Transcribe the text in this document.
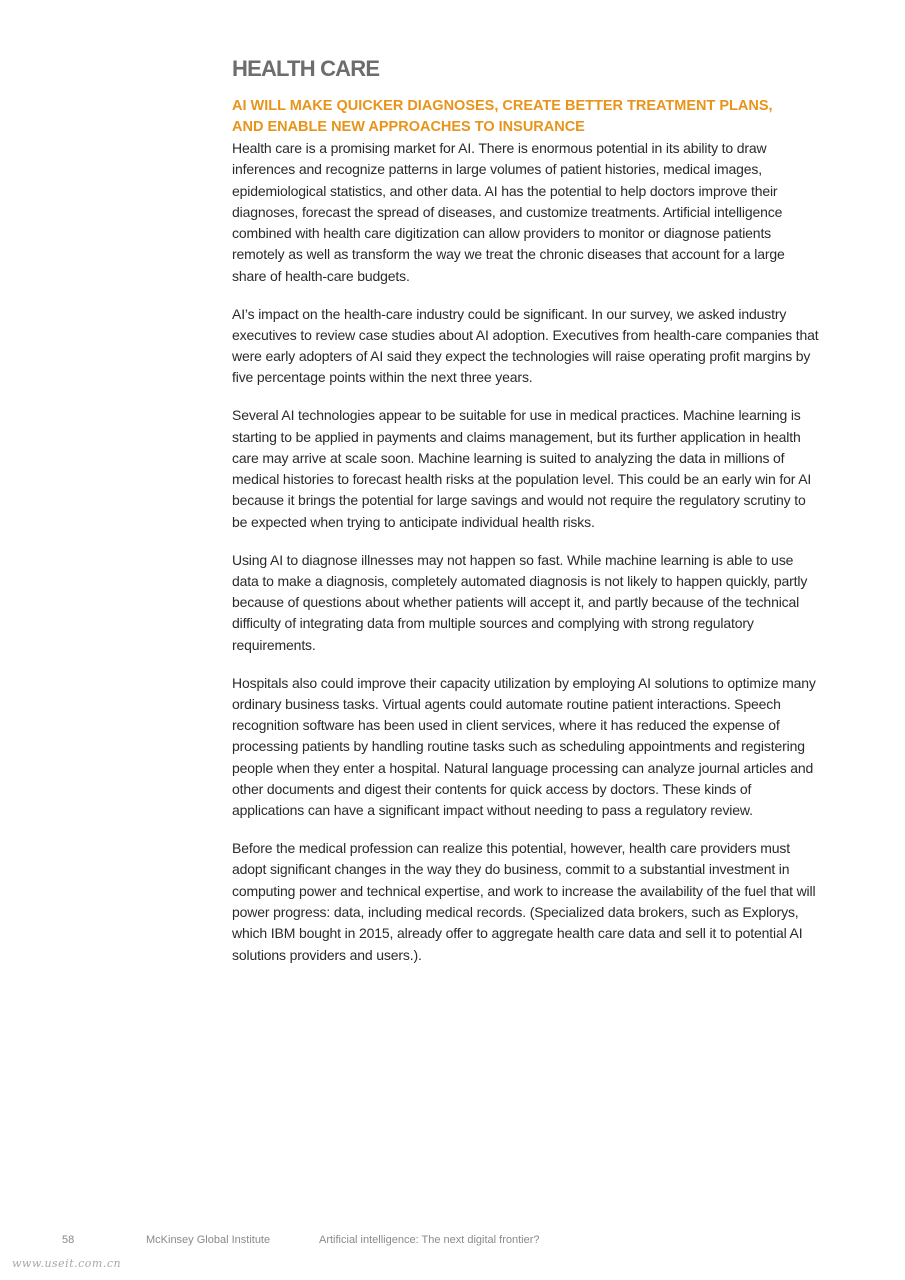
HEALTH CARE
AI WILL MAKE QUICKER DIAGNOSES, CREATE BETTER TREATMENT PLANS, AND ENABLE NEW APPROACHES TO INSURANCE

Health care is a promising market for AI. There is enormous potential in its ability to draw inferences and recognize patterns in large volumes of patient histories, medical images, epidemiological statistics, and other data. AI has the potential to help doctors improve their diagnoses, forecast the spread of diseases, and customize treatments. Artificial intelligence combined with health care digitization can allow providers to monitor or diagnose patients remotely as well as transform the way we treat the chronic diseases that account for a large share of health-care budgets.

AI’s impact on the health-care industry could be significant. In our survey, we asked industry executives to review case studies about AI adoption. Executives from health-care companies that were early adopters of AI said they expect the technologies will raise operating profit margins by five percentage points within the next three years.

Several AI technologies appear to be suitable for use in medical practices. Machine learning is starting to be applied in payments and claims management, but its further application in health care may arrive at scale soon. Machine learning is suited to analyzing the data in millions of medical histories to forecast health risks at the population level. This could be an early win for AI because it brings the potential for large savings and would not require the regulatory scrutiny to be expected when trying to anticipate individual health risks.

Using AI to diagnose illnesses may not happen so fast. While machine learning is able to use data to make a diagnosis, completely automated diagnosis is not likely to happen quickly, partly because of questions about whether patients will accept it, and partly because of the technical difficulty of integrating data from multiple sources and complying with strong regulatory requirements.

Hospitals also could improve their capacity utilization by employing AI solutions to optimize many ordinary business tasks. Virtual agents could automate routine patient interactions. Speech recognition software has been used in client services, where it has reduced the expense of processing patients by handling routine tasks such as scheduling appointments and registering people when they enter a hospital. Natural language processing can analyze journal articles and other documents and digest their contents for quick access by doctors. These kinds of applications can have a significant impact without needing to pass a regulatory review.

Before the medical profession can realize this potential, however, health care providers must adopt significant changes in the way they do business, commit to a substantial investment in computing power and technical expertise, and work to increase the availability of the fuel that will power progress: data, including medical records. (Specialized data brokers, such as Explorys, which IBM bought in 2015, already offer to aggregate health care data and sell it to potential AI solutions providers and users.).

58	McKinsey Global Institute	Artificial intelligence: The next digital frontier?
www.useit.com.cn
